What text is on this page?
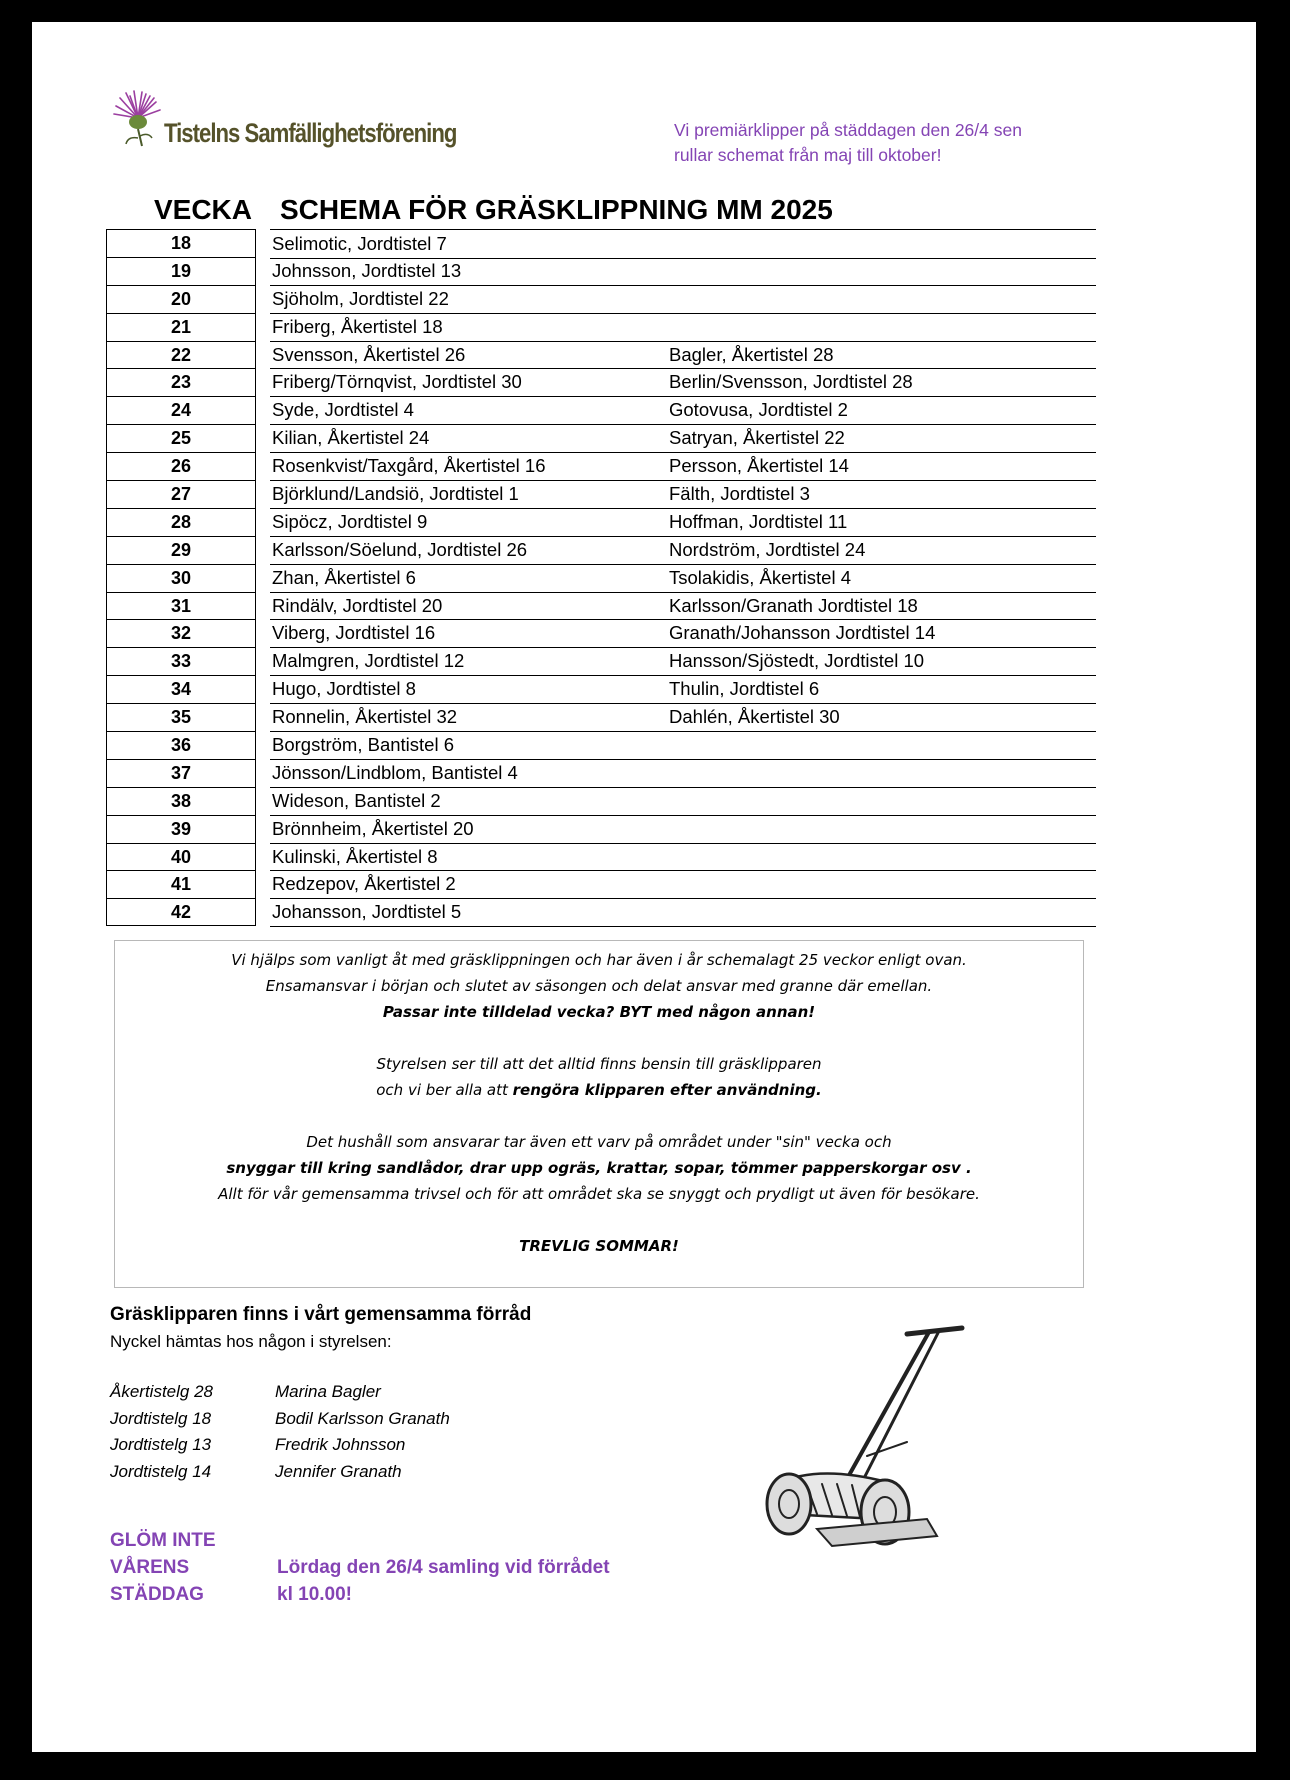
Tistelns Samfällighetsförening	Vi premiärklipper på städdagen den 26/4 sen
rullar schemat från maj till oktober!
VECKA	SCHEMA FÖR GRÄSKLIPPNING MM 2025
18	Selimotic, Jordtistel 7
19	Johnsson, Jordtistel 13
20	Sjöholm, Jordtistel 22
21	Friberg, Åkertistel 18
22	Svensson, Åkertistel 26	Bagler, Åkertistel 28
23	Friberg/Törnqvist, Jordtistel 30	Berlin/Svensson, Jordtistel 28
24	Syde, Jordtistel 4	Gotovusa, Jordtistel 2
25	Kilian, Åkertistel 24	Satryan, Åkertistel 22
26	Rosenkvist/Taxgård, Åkertistel 16	Persson, Åkertistel 14
27	Björklund/Landsiö, Jordtistel 1	Fälth, Jordtistel 3
28	Sipöcz, Jordtistel 9	Hoffman, Jordtistel 11
29	Karlsson/Söelund, Jordtistel 26	Nordström, Jordtistel 24
30	Zhan, Åkertistel 6	Tsolakidis, Åkertistel 4
31	Rindälv, Jordtistel 20	Karlsson/Granath Jordtistel 18
32	Viberg, Jordtistel 16	Granath/Johansson Jordtistel 14
33	Malmgren, Jordtistel 12	Hansson/Sjöstedt, Jordtistel 10
34	Hugo, Jordtistel 8	Thulin, Jordtistel 6
35	Ronnelin, Åkertistel 32	Dahlén, Åkertistel 30
36	Borgström, Bantistel 6
37	Jönsson/Lindblom, Bantistel 4
38	Wideson, Bantistel 2
39	Brönnheim, Åkertistel 20
40	Kulinski, Åkertistel 8
41	Redzepov, Åkertistel 2
42	Johansson, Jordtistel 5

Vi hjälps som vanligt åt med gräsklippningen och har även i år schemalagt 25 veckor enligt ovan.

Ensamansvar i början och slutet av säsongen och delat ansvar med granne där emellan.

Passar inte tilldelad vecka? BYT med någon annan!

Styrelsen ser till att det alltid finns bensin till gräsklipparen

och vi ber alla att rengöra klipparen efter användning.

Det hushåll som ansvarar tar även ett varv på området under "sin" vecka och

snyggar till kring sandlådor, drar upp ogräs, krattar, sopar, tömmer papperskorgar osv .

Allt för vår gemensamma trivsel och för att området ska se snyggt och prydligt ut även för besökare.

TREVLIG SOMMAR!

Gräsklipparen finns i vårt gemensamma förråd
Nyckel hämtas hos någon i styrelsen:
Åkertistelg 28	Marina Bagler
Jordtistelg 18	Bodil Karlsson Granath
Jordtistelg 13	Fredrik Johnsson
Jordtistelg 14	Jennifer Granath
GLÖM INTE
VÅRENS
STÄDDAG
Lördag den 26/4 samling vid förrådet
kl 10.00!
